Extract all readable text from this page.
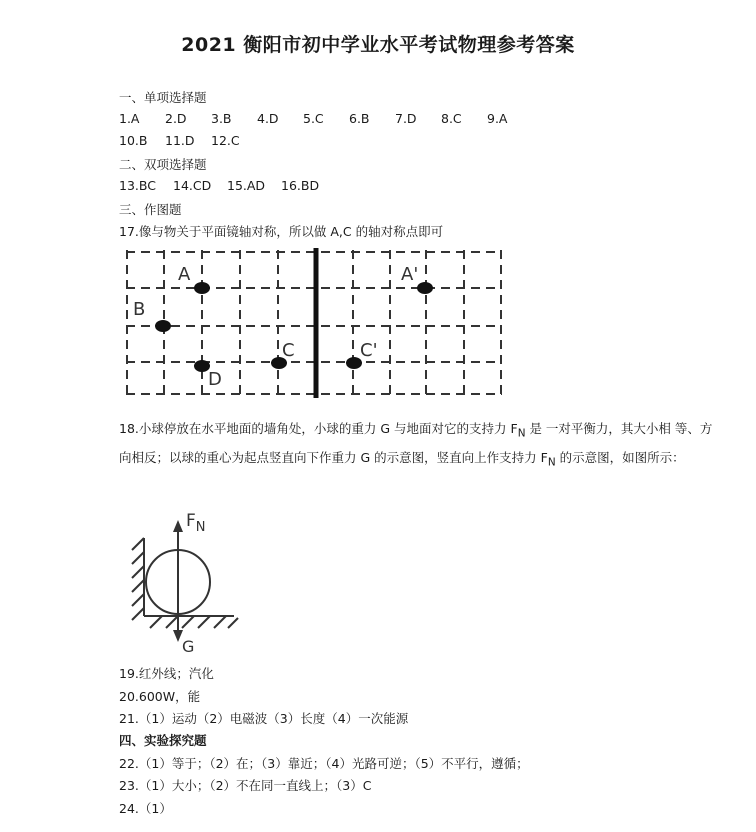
2021 衡阳市初中学业水平考试物理参考答案
一、单项选择题
1.A 2.D 3.B 4.D 5.C 6.B 7.D 8.C 9.A
10.B 11.D 12.C
二、双项选择题
13.BC 14.CD 15.AD 16.BD
三、作图题
17.像与物关于平面镜轴对称，所以做 A,C 的轴对称点即可
A
B
C
D
C'
A'
18.小球停放在水平地面的墙角处，小球的重力 G 与地面对它的支持力 $F_N$ 是 一对平衡力，其大小相 等、方向相反；以球的重心为起点竖直向下作重力 G 的示意图，竖直向上作支持力 $F_N$ 的示意图，如图所示：
$F_N$
G
19.红外线；汽化
20.600W，能
21.（1）运动（2）电磁波（3）长度（4）一次能源
四、实验探究题
22.（1）等于；（2）在；（3）靠近；（4）光路可逆；（5）不平行，遵循；
23.（1）大小；（2）不在同一直线上；（3）C
24.（1）
